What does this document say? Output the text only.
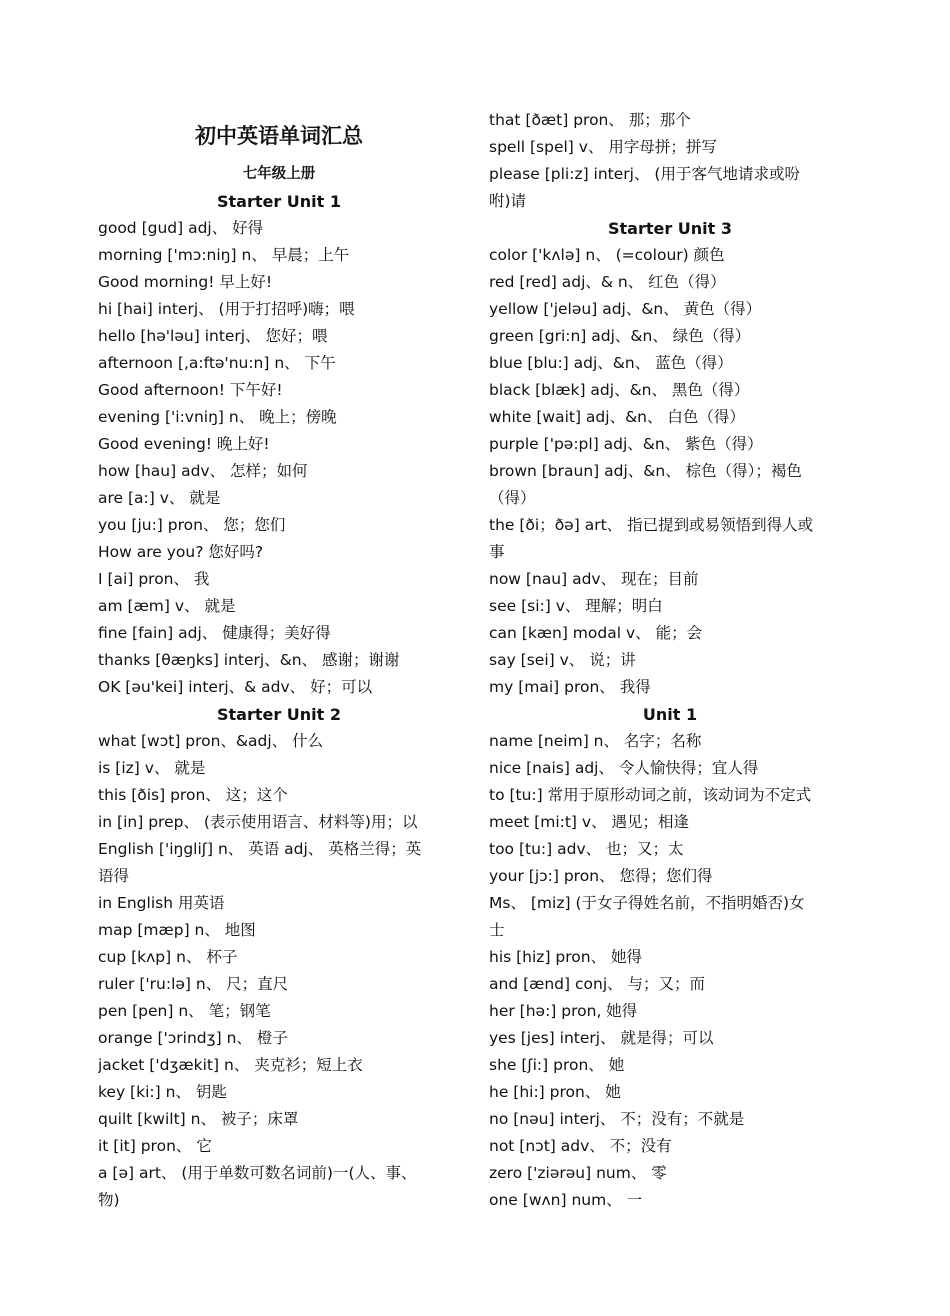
初中英语单词汇总
七年级上册
Starter Unit 1
good [gud] adj、 好得
morning ['mɔ:niŋ] n、 早晨；上午
Good morning! 早上好!
hi [hai] interj、 (用于打招呼)嗨；喂
hello [hə'ləu] interj、 您好；喂
afternoon [,a:ftə'nu:n] n、 下午
Good afternoon! 下午好!
evening ['i:vniŋ] n、 晚上；傍晚
Good evening! 晚上好!
how [hau] adv、 怎样；如何
are [a:] v、 就是
you [ju:] pron、 您；您们
How are you? 您好吗?
I [ai] pron、 我
am [æm] v、 就是
fine [fain] adj、 健康得；美好得
thanks [θæŋks] interj、&n、 感谢；谢谢
OK [əu'kei] interj、& adv、 好；可以
Starter Unit 2
what [wɔt] pron、&adj、 什么
is [iz] v、 就是
this [ðis] pron、 这；这个
in [in] prep、 (表示使用语言、材料等)用；以
English ['iŋgliʃ] n、 英语 adj、 英格兰得；英
语得
in English 用英语
map [mæp] n、 地图
cup [kʌp] n、 杯子
ruler ['ru:lə] n、 尺；直尺
pen [pen] n、 笔；钢笔
orange ['ɔrindʒ] n、 橙子
jacket ['dʒækit] n、 夹克衫；短上衣
key [ki:] n、 钥匙
quilt [kwilt] n、 被子；床罩
it [it] pron、 它
a [ə] art、 (用于单数可数名词前)一(人、事、
物)
that [ðæt] pron、 那；那个
spell [spel] v、 用字母拼；拼写
please [pli:z] interj、 (用于客气地请求或吩
咐)请
Starter Unit 3
color ['kʌlə] n、 (=colour) 颜色
red [red] adj、& n、 红色（得）
yellow ['jeləu] adj、&n、 黄色（得）
green [gri:n] adj、&n、 绿色（得）
blue [blu:] adj、&n、 蓝色（得）
black [blæk] adj、&n、 黑色（得）
white [wait] adj、&n、 白色（得）
purple ['pə:pl] adj、&n、 紫色（得）
brown [braun] adj、&n、 棕色（得）；褐色
（得）
the [ði；ðə] art、 指已提到或易领悟到得人或
事
now [nau] adv、 现在；目前
see [si:] v、 理解；明白
can [kæn] modal v、 能；会
say [sei] v、 说；讲
my [mai] pron、 我得
Unit 1
name [neim] n、 名字；名称
nice [nais] adj、 令人愉快得；宜人得
to [tu:] 常用于原形动词之前，该动词为不定式
meet [mi:t] v、 遇见；相逢
too [tu:] adv、 也；又；太
your [jɔ:] pron、 您得；您们得
Ms、 [miz] (于女子得姓名前，不指明婚否)女
士
his [hiz] pron、 她得
and [ænd] conj、 与；又；而
her [hə:] pron, 她得
yes [jes] interj、 就是得；可以
she [ʃi:] pron、 她
he [hi:] pron、 她
no [nəu] interj、 不；没有；不就是
not [nɔt] adv、 不；没有
zero ['ziərəu] num、 零
one [wʌn] num、 一
